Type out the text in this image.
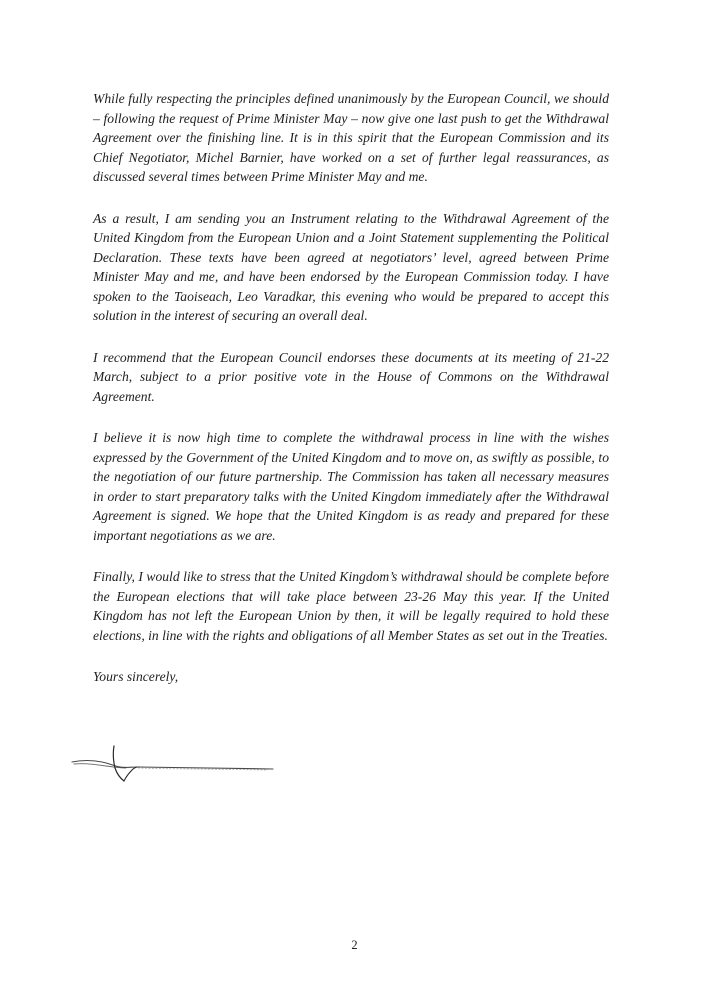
While fully respecting the principles defined unanimously by the European Council, we should – following the request of Prime Minister May – now give one last push to get the Withdrawal Agreement over the finishing line. It is in this spirit that the European Commission and its Chief Negotiator, Michel Barnier, have worked on a set of further legal reassurances, as discussed several times between Prime Minister May and me.

As a result, I am sending you an Instrument relating to the Withdrawal Agreement of the United Kingdom from the European Union and a Joint Statement supplementing the Political Declaration. These texts have been agreed at negotiators’ level, agreed between Prime Minister May and me, and have been endorsed by the European Commission today. I have spoken to the Taoiseach, Leo Varadkar, this evening who would be prepared to accept this solution in the interest of securing an overall deal.

I recommend that the European Council endorses these documents at its meeting of 21-22 March, subject to a prior positive vote in the House of Commons on the Withdrawal Agreement.

I believe it is now high time to complete the withdrawal process in line with the wishes expressed by the Government of the United Kingdom and to move on, as swiftly as possible, to the negotiation of our future partnership. The Commission has taken all necessary measures in order to start preparatory talks with the United Kingdom immediately after the Withdrawal Agreement is signed. We hope that the United Kingdom is as ready and prepared for these important negotiations as we are.

Finally, I would like to stress that the United Kingdom’s withdrawal should be complete before the European elections that will take place between 23-26 May this year. If the United Kingdom has not left the European Union by then, it will be legally required to hold these elections, in line with the rights and obligations of all Member States as set out in the Treaties.

Yours sincerely,

2
